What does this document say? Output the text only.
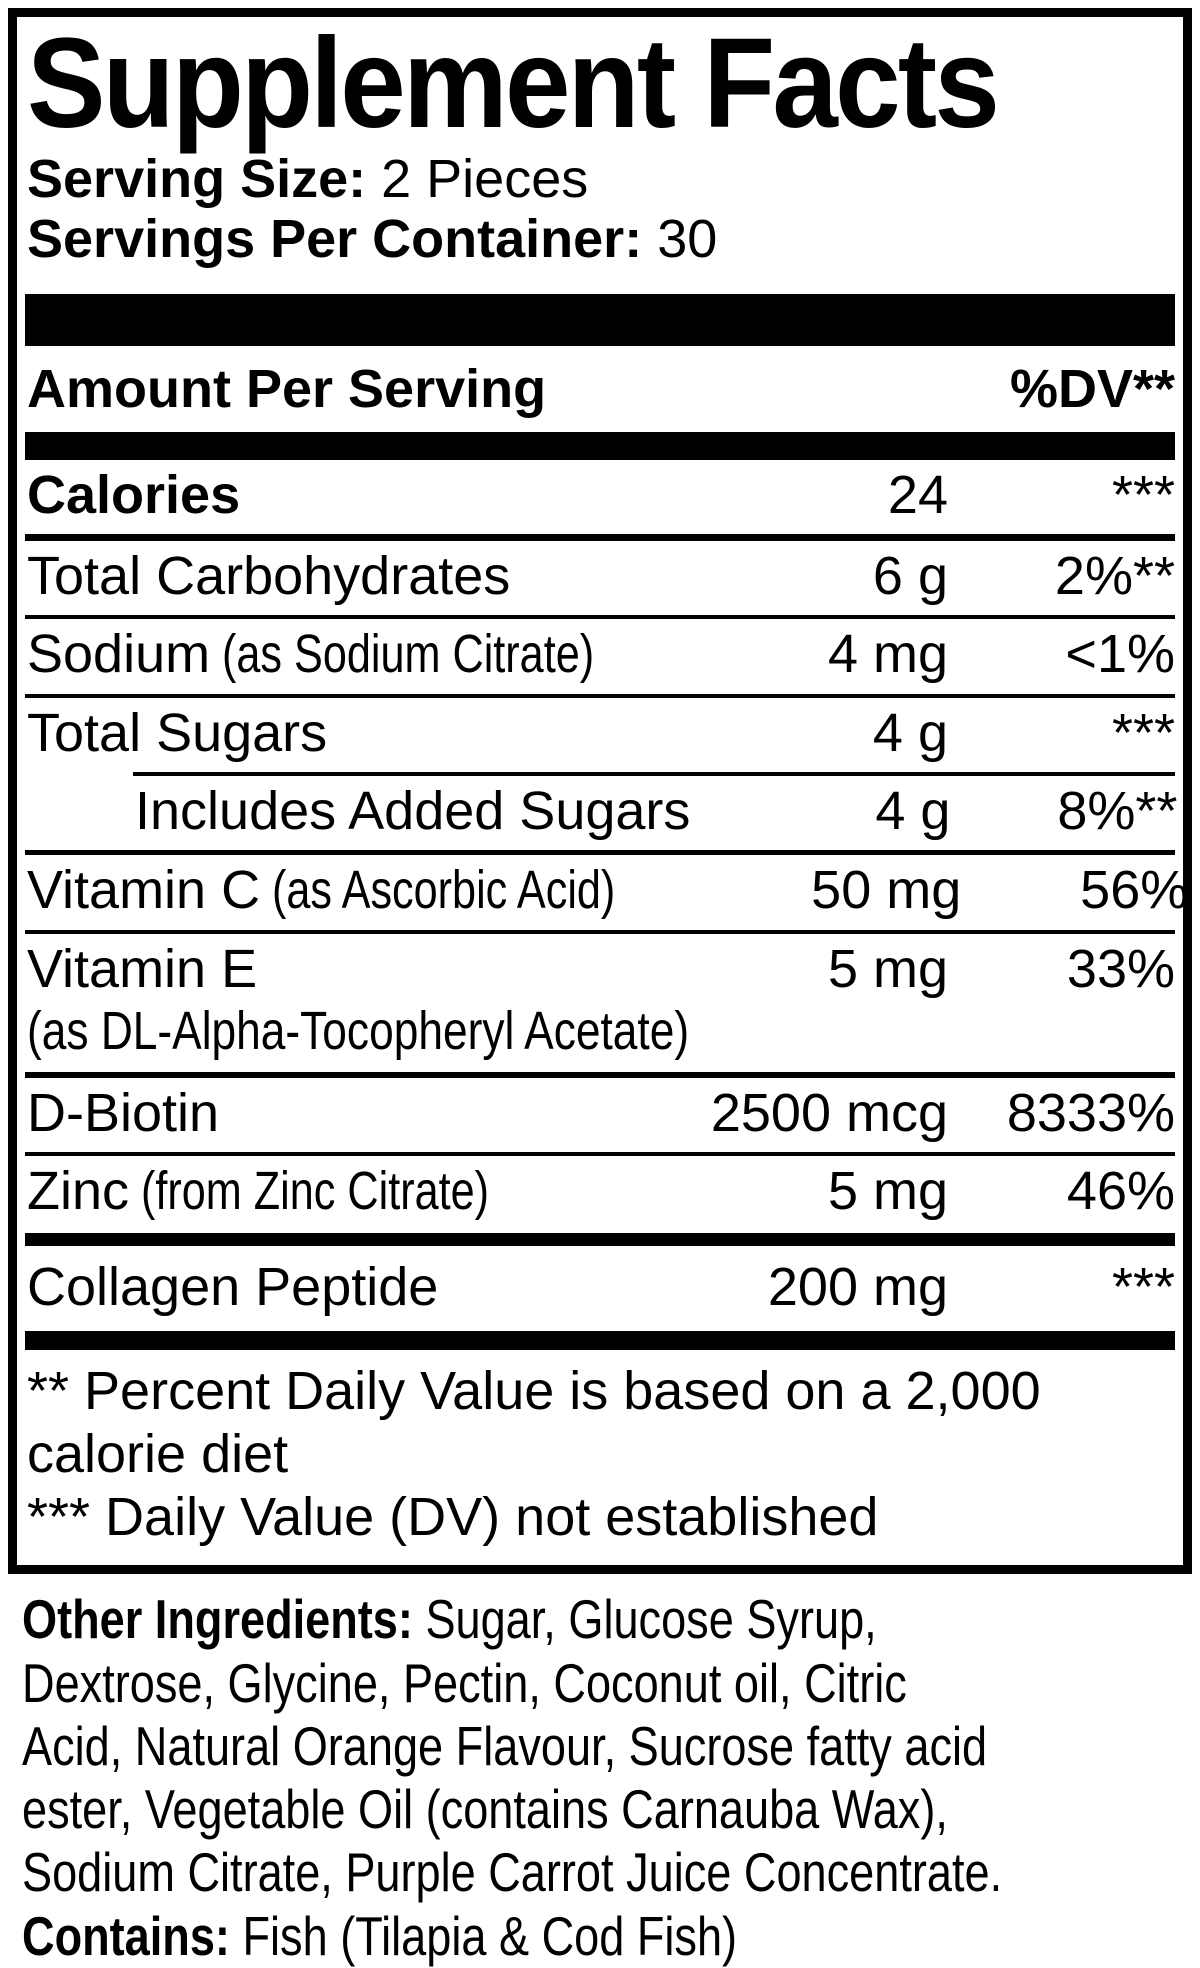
Supplement Facts
Serving Size: 2 Pieces
Servings Per Container: 30
Amount Per Serving	%DV**
Calories	24	***
Total Carbohydrates	6 g	2%**
Sodium (as Sodium Citrate)	4 mg	<1%
Total Sugars	4 g	***
Includes Added Sugars	4 g	8%**
Vitamin C (as Ascorbic Acid)	50 mg	56%
Vitamin E	5 mg	33%
(as DL-Alpha-Tocopheryl Acetate)
D-Biotin	2500 mcg	8333%
Zinc (from Zinc Citrate)	5 mg	46%
Collagen Peptide	200 mg	***
** Percent Daily Value is based on a 2,000
calorie diet
*** Daily Value (DV) not established
Other Ingredients: Sugar, Glucose Syrup,
Dextrose, Glycine, Pectin, Coconut oil, Citric
Acid, Natural Orange Flavour, Sucrose fatty acid
ester, Vegetable Oil (contains Carnauba Wax),
Sodium Citrate, Purple Carrot Juice Concentrate.
Contains: Fish (Tilapia & Cod Fish)
